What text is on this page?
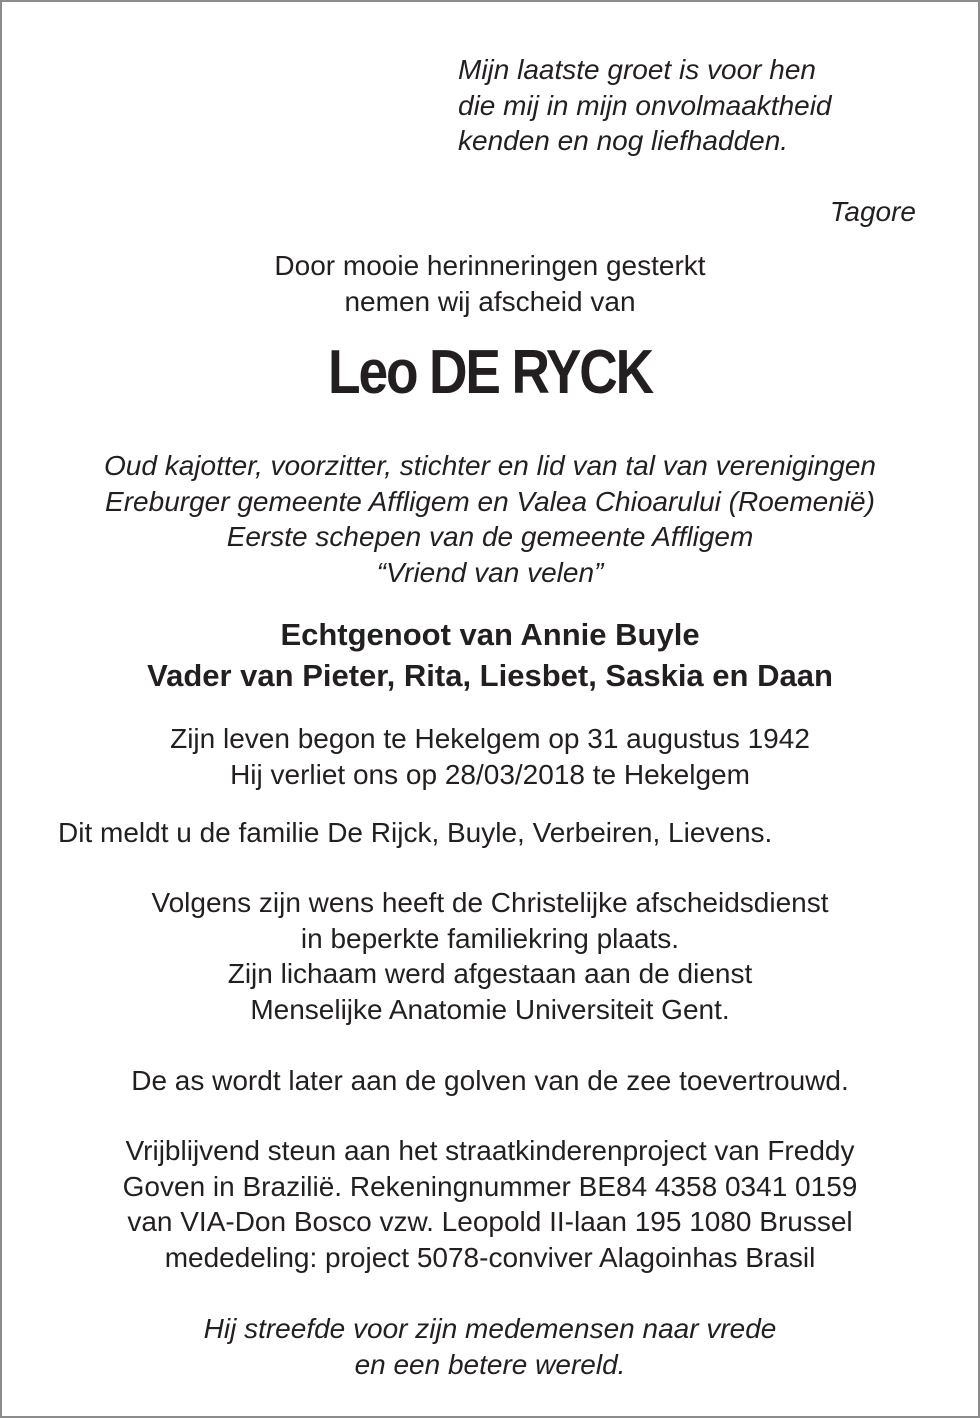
Mijn laatste groet is voor hen
die mij in mijn onvolmaaktheid
kenden en nog liefhadden.
Tagore
Door mooie herinneringen gesterkt
nemen wij afscheid van
Leo DE RYCK
Oud kajotter, voorzitter, stichter en lid van tal van verenigingen
Ereburger gemeente Affligem en Valea Chioarului (Roemenië)
Eerste schepen van de gemeente Affligem
“Vriend van velen”
Echtgenoot van Annie Buyle
Vader van Pieter, Rita, Liesbet, Saskia en Daan
Zijn leven begon te Hekelgem op 31 augustus 1942
Hij verliet ons op 28/03/2018 te Hekelgem
Dit meldt u de familie De Rijck, Buyle, Verbeiren, Lievens.
Volgens zijn wens heeft de Christelijke afscheidsdienst
in beperkte familiekring plaats.
Zijn lichaam werd afgestaan aan de dienst
Menselijke Anatomie Universiteit Gent.
De as wordt later aan de golven van de zee toevertrouwd.
Vrijblijvend steun aan het straatkinderenproject van Freddy
Goven in Brazilië. Rekeningnummer BE84 4358 0341 0159
van VIA-Don Bosco vzw. Leopold II-laan 195 1080 Brussel
mededeling: project 5078-conviver Alagoinhas Brasil
Hij streefde voor zijn medemensen naar vrede
en een betere wereld.
